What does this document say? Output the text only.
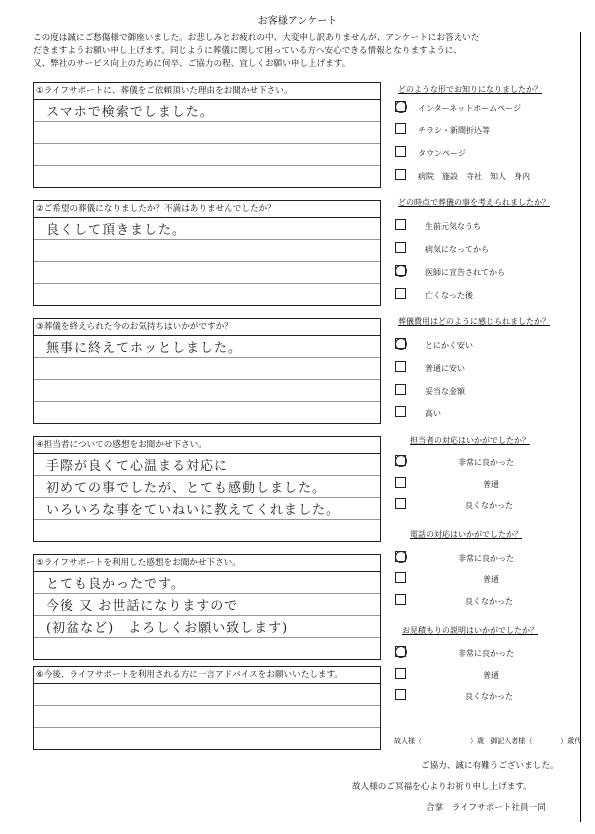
お客様アンケート
この度は誠にご愁傷様で御座いました。お悲しみとお疲れの中、大変申し訳ありませんが、アンケートにお答えいた
だきますようお願い申し上げます。同じように葬儀に関して困っている方へ安心できる情報となりますように、
又、弊社のサービス向上のために何卒、ご協力の程、宜しくお願い申し上げます。
①ライフサポートに、葬儀をご依頼頂いた理由をお聞かせ下さい。
スマホで検索でしました。
②ご希望の葬儀になりましたか？不満はありませんでしたか？
良くして頂きました。
③葬儀を終えられた今のお気持ちはいかがですか？
無事に終えてホッとしました。
④担当者についての感想をお聞かせ下さい。
手際が良くて心温まる対応に
初めての事でしたが、とても感動しました。
いろいろな事をていねいに教えてくれました。
⑤ライフサポートを利用した感想をお聞かせ下さい。
とても良かったです。
今後 又 お世話になりますので
(初盆など)　よろしくお願い致します)
⑥今後、ライフサポートを利用される方に一言アドバイスをお願いいたします。
どのような形でお知りになりましたか？
インターネットホームページ
チラシ・新聞折込等
タウンページ
病院　施設　寺社　知人　身内
どの時点で葬儀の事を考えられましたか？
生前元気なうち
病気になってから
医師に宣告されてから
亡くなった後
葬儀費用はどのように感じられましたか？
とにかく安い
普通に安い
妥当な金額
高い
担当者の対応はいかがでしたか？
非常に良かった
普通
良くなかった
電話の対応はいかがでしたか？
非常に良かった
普通
良くなかった
お見積もりの説明はいかがでしたか？
非常に良かった
普通
良くなかった
故人様（	）歳 御記入者様（	）歳代
ご協力、誠に有難うございました。
故人様のご冥福を心よりお祈り申し上げます。
合掌　ライフサポート社員一同
